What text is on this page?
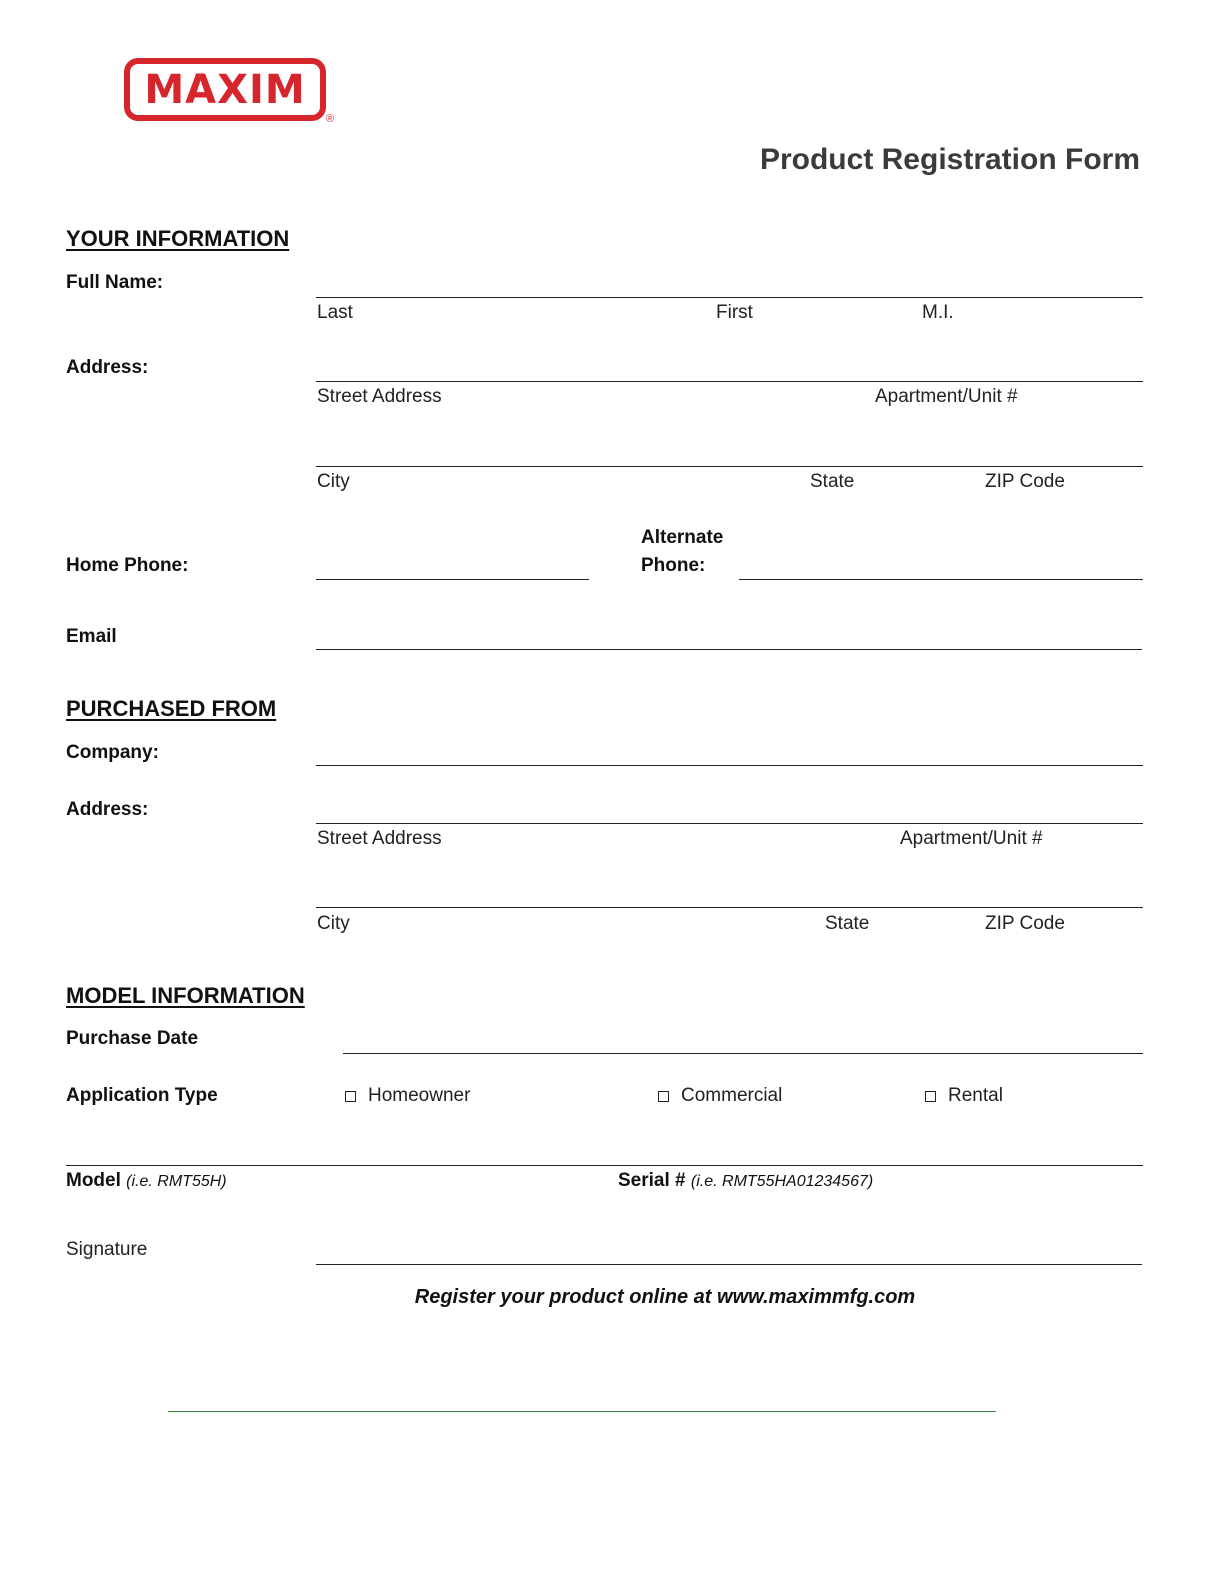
MAXIM
®
Product Registration Form
YOUR INFORMATION
Full Name:
Last	First	M.I.
Address:
Street Address	Apartment/Unit #
City	State	ZIP Code
Home Phone:
Alternate
Phone:
Email
PURCHASED FROM
Company:
Address:
Street Address	Apartment/Unit #
City	State	ZIP Code
MODEL INFORMATION
Purchase Date
Application Type	Homeowner	Commercial	Rental
Model (i.e. RMT55H)	Serial # (i.e. RMT55HA01234567)
Signature
Register your product online at www.maximmfg.com
